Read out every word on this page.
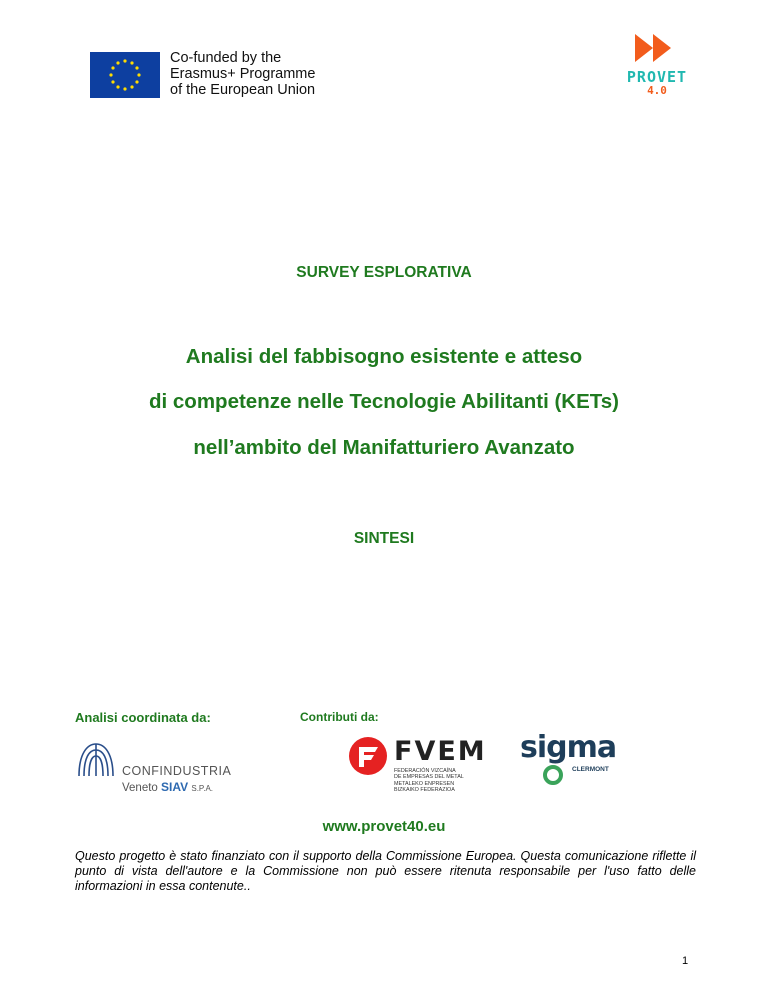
Co-funded by the
Erasmus+ Programme
of the European Union
PROVET
4.0
SURVEY ESPLORATIVA
Analisi del fabbisogno esistente e atteso
di competenze nelle Tecnologie Abilitanti (KETs)
nell’ambito del Manifatturiero Avanzato
SINTESI
Analisi coordinata da:	Contributi da:
CONFINDUSTRIA
Veneto SIAV S.P.A.
FVEM
FEDERACIÓN VIZCAÍNA
DE EMPRESAS DEL METAL
METALEKO ENPRESEN
BIZKAIKO FEDERAZIOA
sigma
CLERMONT
www.provet40.eu
Questo progetto è stato finanziato con il supporto della Commissione Europea. Questa comunicazione riflette il punto di vista dell'autore e la Commissione non può essere ritenuta responsabile per l'uso fatto delle informazioni in essa contenute..
1
